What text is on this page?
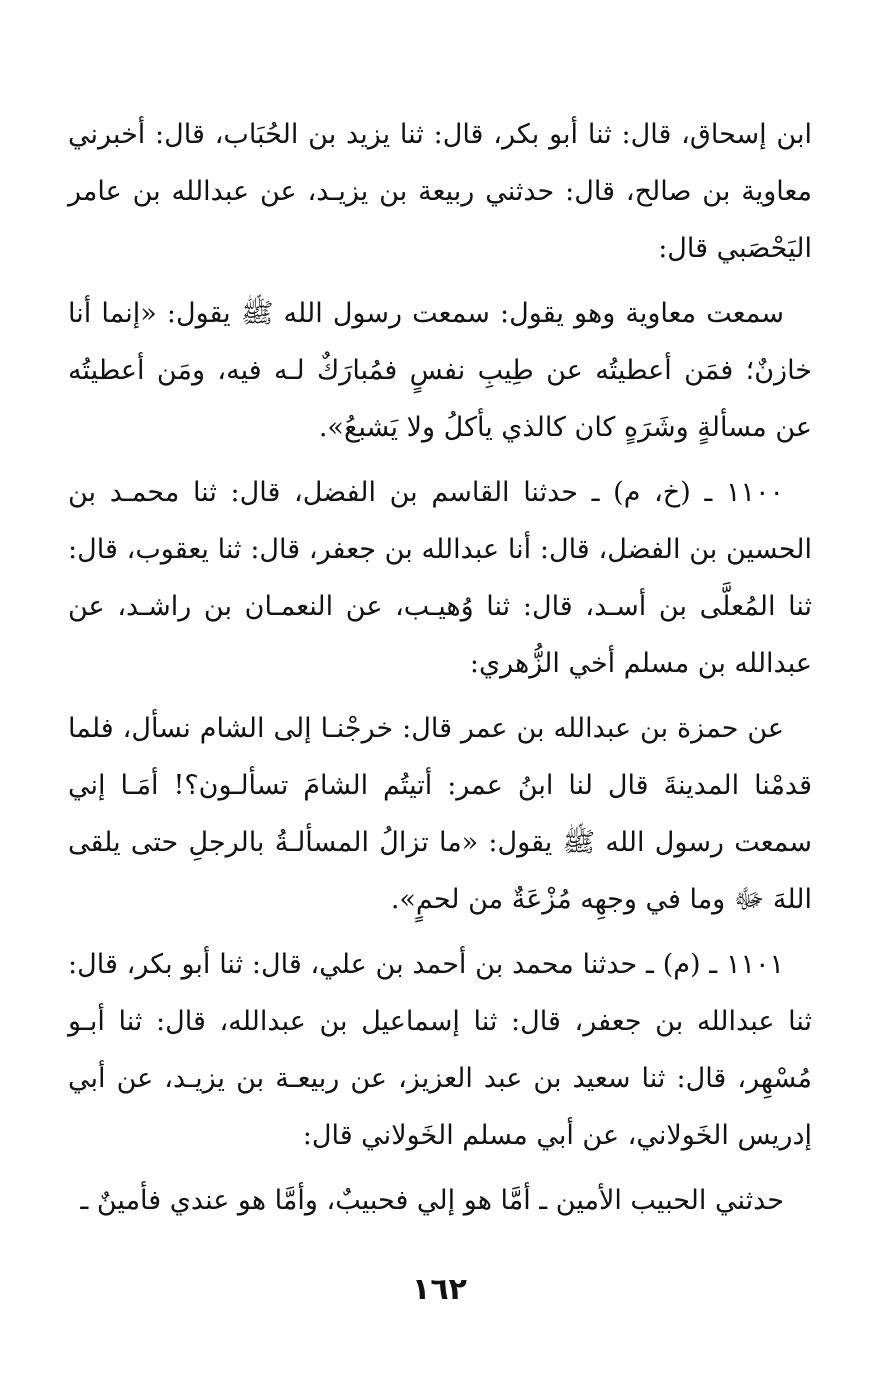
ابن إسحاق، قال: ثنا أبو بكر، قال: ثنا يزيد بن الحُبَاب، قال: أخبرني معاوية بن صالح، قال: حدثني ربيعة بن يزيـد، عن عبدالله بن عامر اليَحْصَبي قال:

سمعت معاوية وهو يقول: سمعت رسول الله ﷺ يقول: «إنما أنا خازنٌ؛ فمَن أعطيتُه عن طِيبِ نفسٍ فمُبارَكٌ لـه فيه، ومَن أعطيتُه عن مسألةٍ وشَرَهٍ كان كالذي يأكلُ ولا يَشبعُ».

١١٠٠ ـ (خ، م) ـ حدثنا القاسم بن الفضل، قال: ثنا محمـد بن الحسين بن الفضل، قال: أنا عبدالله بن جعفر، قال: ثنا يعقوب، قال: ثنا المُعلَّى بن أسـد، قال: ثنا وُهيـب، عن النعمـان بن راشـد، عن عبدالله بن مسلم أخي الزُّهري:

عن حمزة بن عبدالله بن عمر قال: خرجْنـا إلى الشام نسأل، فلما قدمْنا المدينةَ قال لنا ابنُ عمر: أتيتُم الشامَ تسألـون؟! أمَـا إني سمعت رسول الله ﷺ يقول: «ما تزالُ المسألـةُ بالرجلِ حتى يلقى اللهَ ﷻ وما في وجهِه مُزْعَةٌ من لحمٍ».

١١٠١ ـ (م) ـ حدثنا محمد بن أحمد بن علي، قال: ثنا أبو بكر، قال: ثنا عبدالله بن جعفر، قال: ثنا إسماعيل بن عبدالله، قال: ثنا أبـو مُسْهِر، قال: ثنا سعيد بن عبد العزيز، عن ربيعـة بن يزيـد، عن أبي إدريس الخَولاني، عن أبي مسلم الخَولاني قال:

حدثني الحبيب الأمين ـ أمَّا هو إلي فحبيبٌ، وأمَّا هو عندي فأمينٌ ـ

١٦٢
